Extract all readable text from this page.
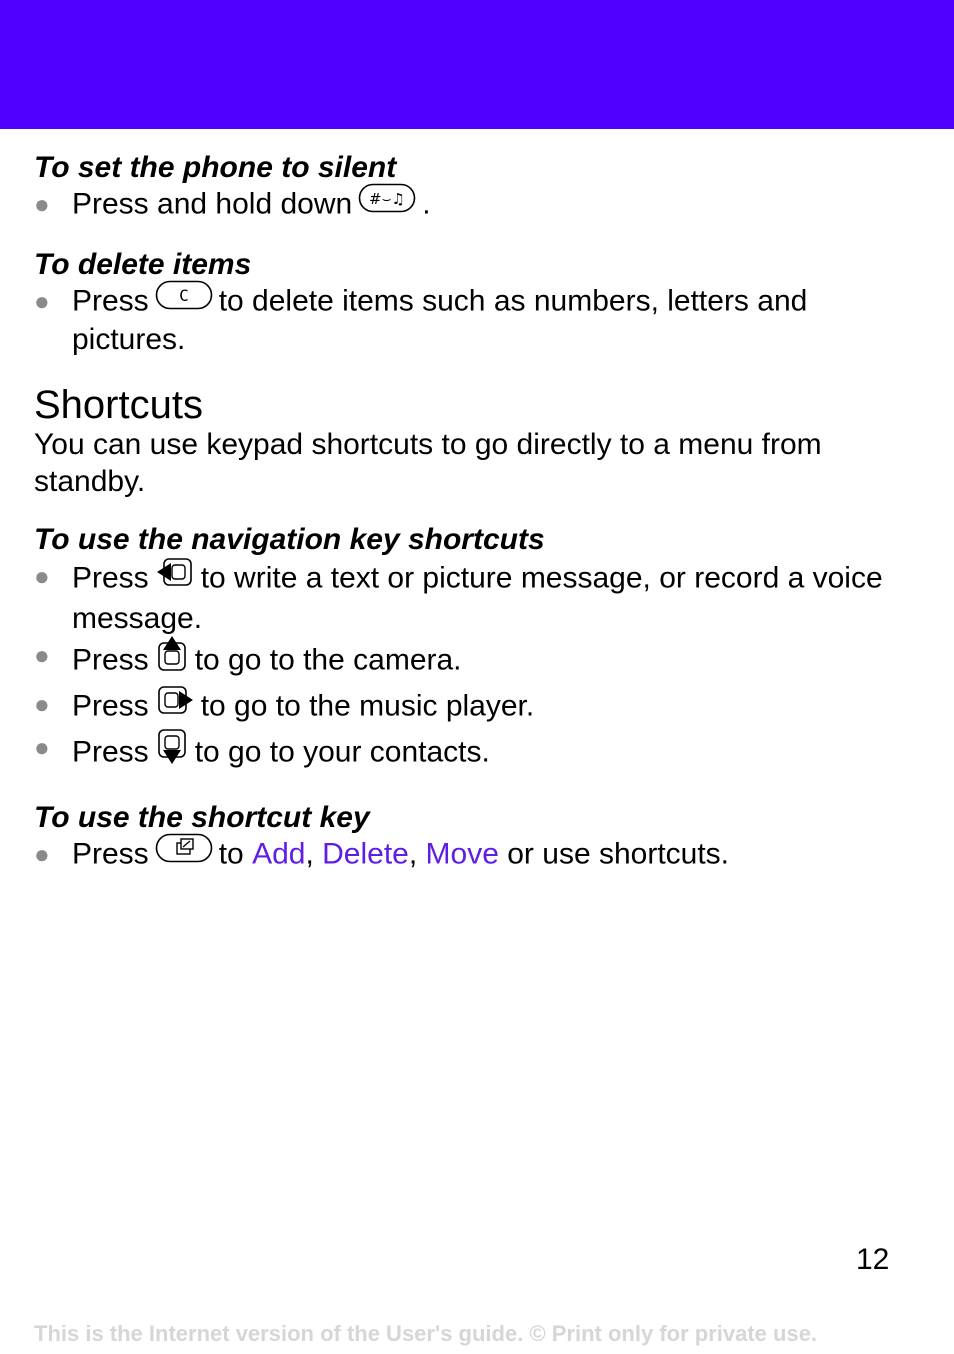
To set the phone to silent
● Press and hold down #⌣♫ .
To delete items
● Press C to delete items such as numbers, letters and pictures.
Shortcuts

You can use keypad shortcuts to go directly to a menu from standby.

To use the navigation key shortcuts
● Press to write a text or picture message, or record a voice message.
● Press to go to the camera.
● Press to go to the music player.
● Press to go to your contacts.
To use the shortcut key
● Press to Add, Delete, Move or use shortcuts.
12
This is the Internet version of the User's guide. © Print only for private use.
